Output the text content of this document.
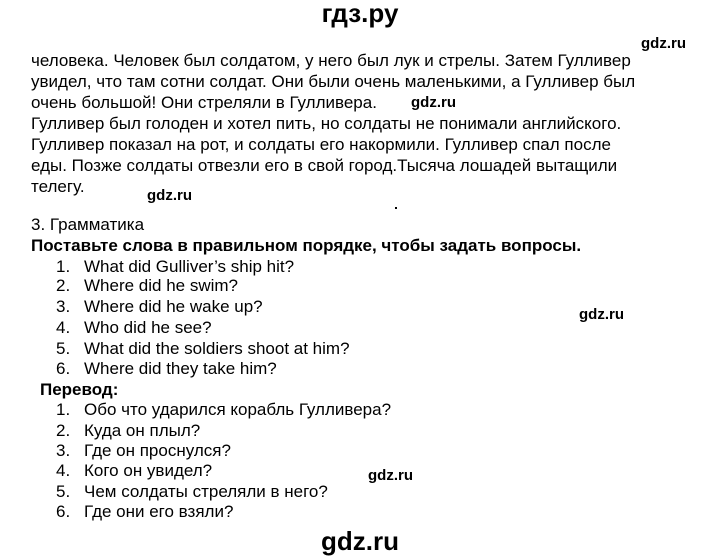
гдз.ру
gdz.ru
gdz.ru
gdz.ru
gdz.ru
gdz.ru
человека. Человек был солдатом, у него был лук и стрелы. Затем Гулливер
увидел, что там сотни солдат. Они были очень маленькими, а Гулливер был
очень большой! Они стреляли в Гулливера.
Гулливер был голоден и хотел пить, но солдаты не понимали английского.
Гулливер показал на рот, и солдаты его накормили. Гулливер спал после
еды. Позже солдаты отвезли его в свой город.Тысяча лошадей вытащили
телегу.
3. Грамматика
Поставьте слова в правильном порядке, чтобы задать вопросы.
1. What did Gulliver’s ship hit?
2. Where did he swim?
3. Where did he wake up?
4. Who did he see?
5. What did the soldiers shoot at him?
6. Where did they take him?
Перевод:
1. Обо что ударился корабль Гулливера?
2. Куда он плыл?
3. Где он проснулся?
4. Кого он увидел?
5. Чем солдаты стреляли в него?
6. Где они его взяли?
gdz.ru
